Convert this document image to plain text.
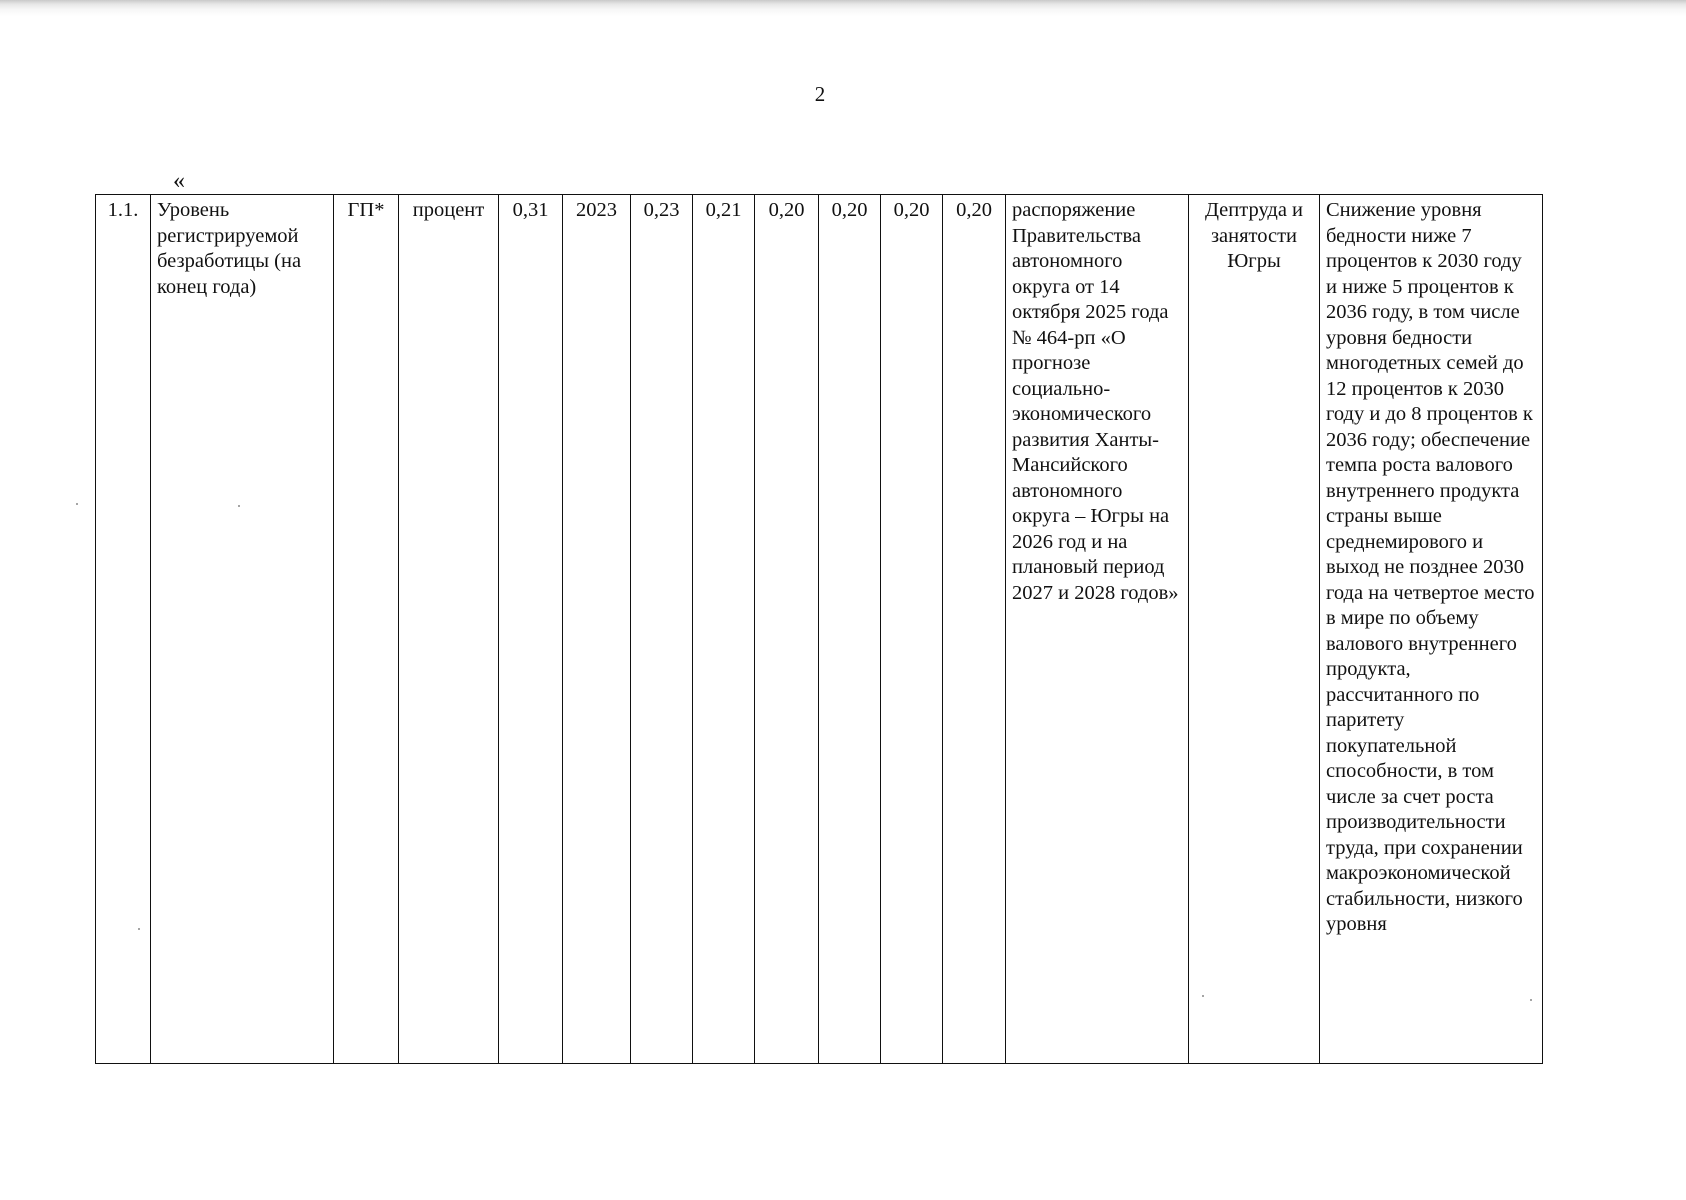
2
«
1.1.	Уровень регистрируемой безработицы (на конец года)	ГП*	процент	0,31	2023	0,23	0,21	0,20	0,20	0,20	0,20	распоряжение Правительства автономного округа от 14 октября 2025 года № 464-рп «О прогнозе социально-экономического развития Ханты-Мансийского автономного округа – Югры на 2026 год и на плановый период 2027 и 2028 годов»	Дептруда и занятости Югры	Снижение уровня бедности ниже 7 процентов к 2030 году и ниже 5 процентов к 2036 году, в том числе уровня бедности многодетных семей до 12 процентов к 2030 году и до 8 процентов к 2036 году; обеспечение темпа роста валового внутреннего продукта страны выше среднемирового и выход не позднее 2030 года на четвертое место в мире по объему валового внутреннего продукта, рассчитанного по паритету покупательной способности, в том числе за счет роста производительности труда, при сохранении макроэкономической стабильности, низкого уровня
